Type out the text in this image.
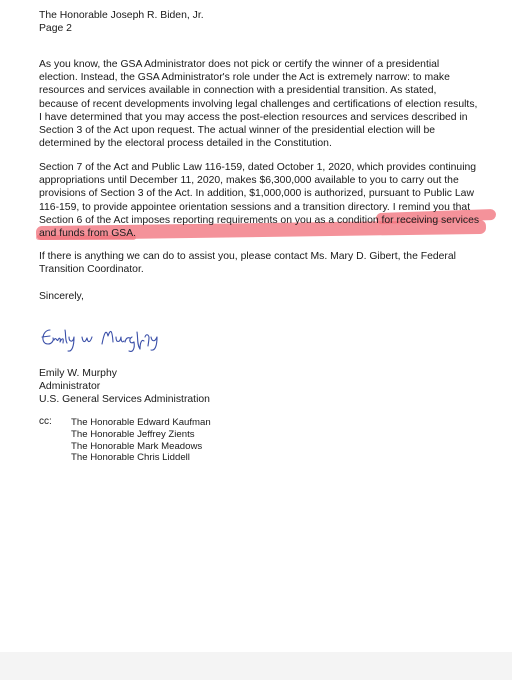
The Honorable Joseph R. Biden, Jr.
Page 2
As you know, the GSA Administrator does not pick or certify the winner of a presidential
election. Instead, the GSA Administrator's role under the Act is extremely narrow: to make
resources and services available in connection with a presidential transition. As stated,
because of recent developments involving legal challenges and certifications of election results,
I have determined that you may access the post-election resources and services described in
Section 3 of the Act upon request. The actual winner of the presidential election will be
determined by the electoral process detailed in the Constitution.
Section 7 of the Act and Public Law 116-159, dated October 1, 2020, which provides continuing
appropriations until December 11, 2020, makes $6,300,000 available to you to carry out the
provisions of Section 3 of the Act. In addition, $1,000,000 is authorized, pursuant to Public Law
116-159, to provide appointee orientation sessions and a transition directory. I remind you that
Section 6 of the Act imposes reporting requirements on you as a condition for receiving services
and funds from GSA.
If there is anything we can do to assist you, please contact Ms. Mary D. Gibert, the Federal
Transition Coordinator.
Sincerely,
Emily W. Murphy
Administrator
U.S. General Services Administration
cc: The Honorable Edward Kaufman
The Honorable Jeffrey Zients
The Honorable Mark Meadows
The Honorable Chris Liddell
